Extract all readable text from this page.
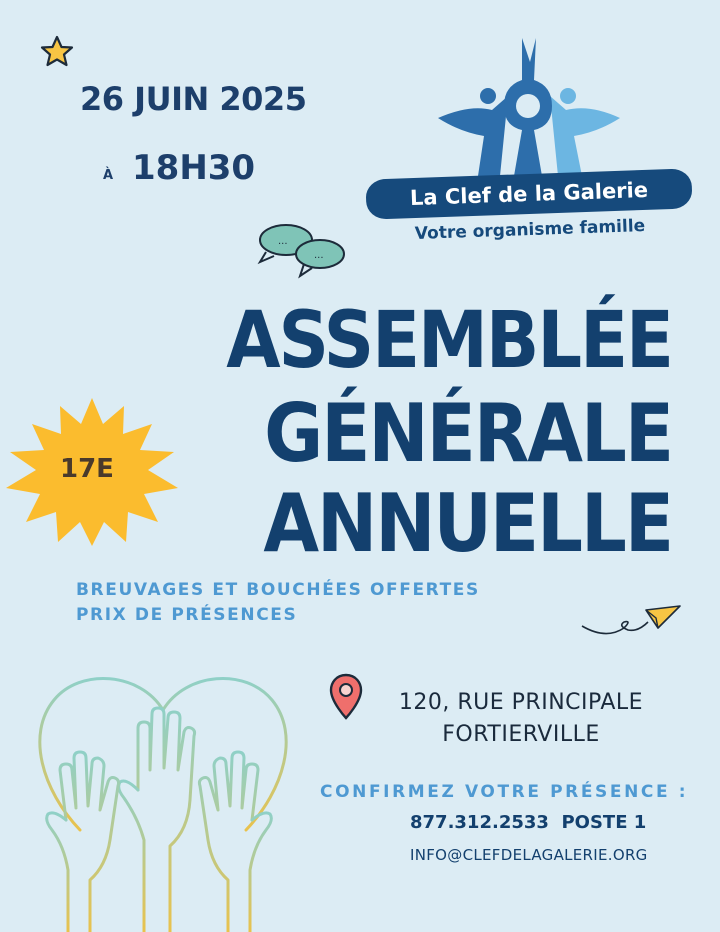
26 JUIN 2025
À 18H30
La Clef de la Galerie
Votre organisme famille
...
...
ASSEMBLÉE
GÉNÉRALE
ANNUELLE
17E
BREUVAGES ET BOUCHÉES OFFERTES
PRIX DE PRÉSENCES
120, RUE PRINCIPALE
FORTIERVILLE
CONFIRMEZ VOTRE PRÉSENCE :
877.312.2533  POSTE 1
INFO@CLEFDELAGALERIE.ORG
